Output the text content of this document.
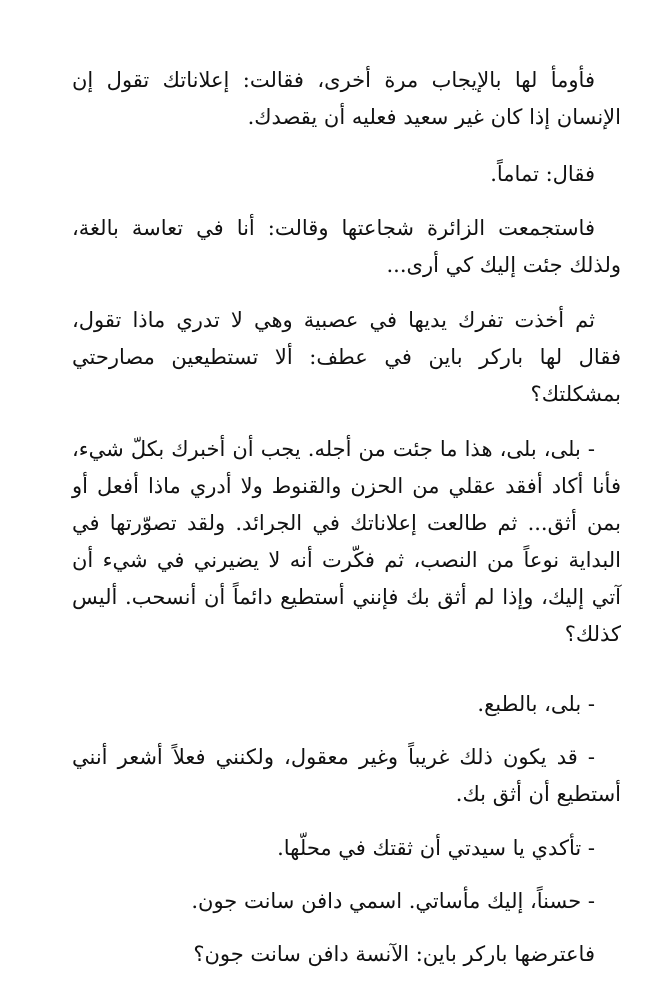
فأومأ لها بالإيجاب مرة أخرى، فقالت: إعلاناتك تقول إن الإنسان إذا كان غير سعيد فعليه أن يقصدك.

فقال: تماماً.

فاستجمعت الزائرة شجاعتها وقالت: أنا في تعاسة بالغة، ولذلك جئت إليك كي أرى...

ثم أخذت تفرك يديها في عصبية وهي لا تدري ماذا تقول، فقال لها باركر باين في عطف: ألا تستطيعين مصارحتي بمشكلتك؟

- بلى، بلى، هذا ما جئت من أجله. يجب أن أخبرك بكلّ شيء، فأنا أكاد أفقد عقلي من الحزن والقنوط ولا أدري ماذا أفعل أو بمن أثق... ثم طالعت إعلاناتك في الجرائد. ولقد تصوّرتها في البداية نوعاً من النصب، ثم فكّرت أنه لا يضيرني في شيء أن آتي إليك، وإذا لم أثق بك فإنني أستطيع دائماً أن أنسحب. أليس كذلك؟

- بلى، بالطبع.

- قد يكون ذلك غريباً وغير معقول، ولكنني فعلاً أشعر أنني أستطيع أن أثق بك.

- تأكدي يا سيدتي أن ثقتك في محلّها.

- حسناً، إليك مأساتي. اسمي دافن سانت جون.

فاعترضها باركر باين: الآنسة دافن سانت جون؟
